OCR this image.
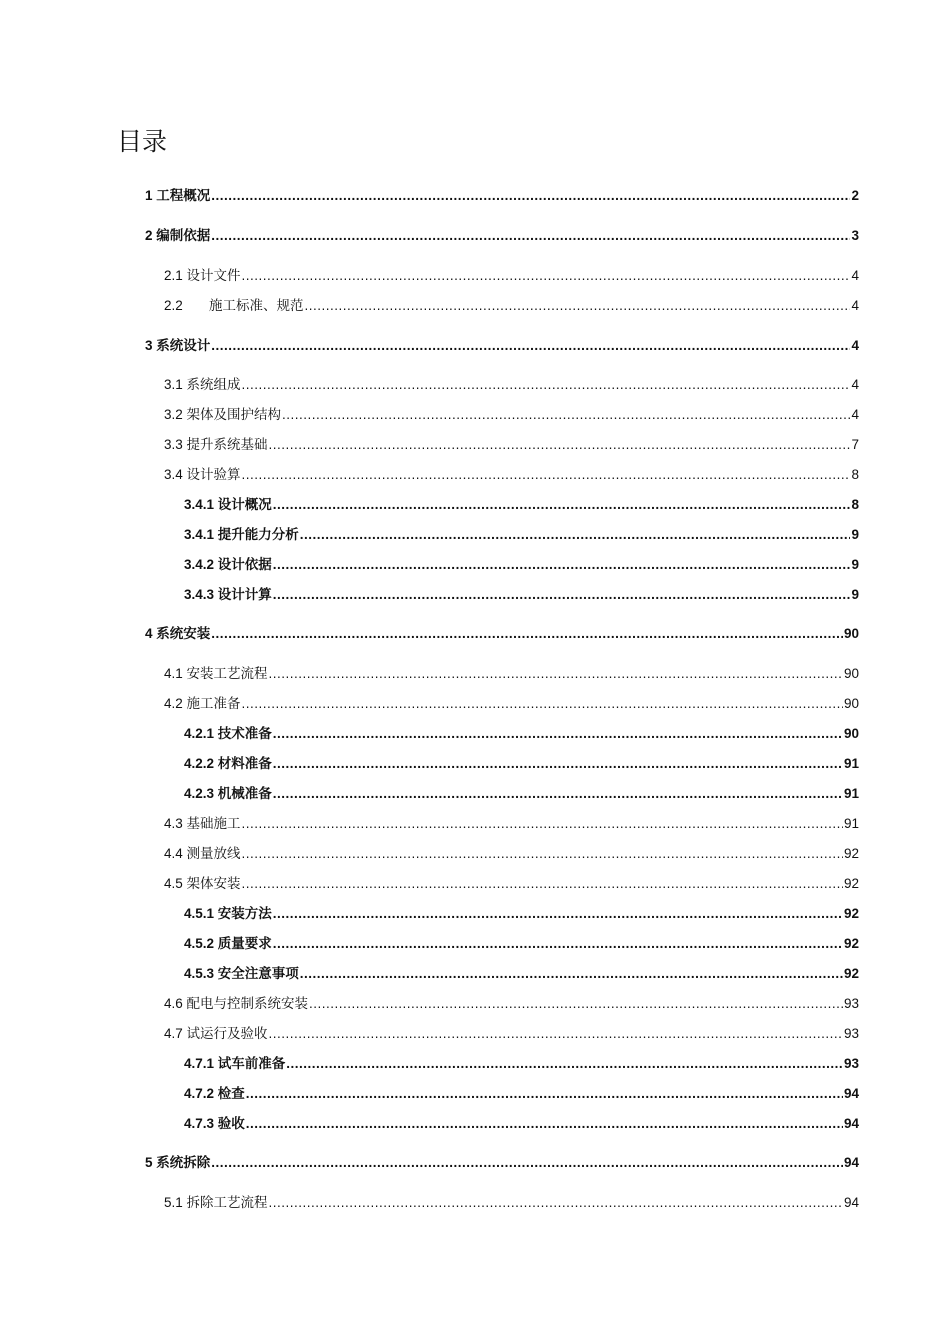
目录
1 工程概况 .....	2
2 编制依据 .....	3
2.1 设计文件 .....	4
2.2       施工标准、规范 .....	4
3 系统设计 .....	4
3.1 系统组成 .....	4
3.2 架体及围护结构 .....	4
3.3 提升系统基础 .....	7
3.4 设计验算 .....	8
3.4.1 设计概况 .....	8
3.4.1 提升能力分析 .....	9
3.4.2 设计依据 .....	9
3.4.3 设计计算 .....	9
4 系统安装 .....	90
4.1 安装工艺流程 .....	90
4.2 施工准备 .....	90
4.2.1 技术准备 .....	90
4.2.2 材料准备 .....	91
4.2.3 机械准备 .....	91
4.3 基础施工 .....	91
4.4 测量放线 .....	92
4.5 架体安装 .....	92
4.5.1 安装方法 .....	92
4.5.2 质量要求 .....	92
4.5.3 安全注意事项 .....	92
4.6 配电与控制系统安装 .....	93
4.7 试运行及验收 .....	93
4.7.1 试车前准备 .....	93
4.7.2 检查 .....	94
4.7.3 验收 .....	94
5 系统拆除 .....	94
5.1 拆除工艺流程 .....	94
